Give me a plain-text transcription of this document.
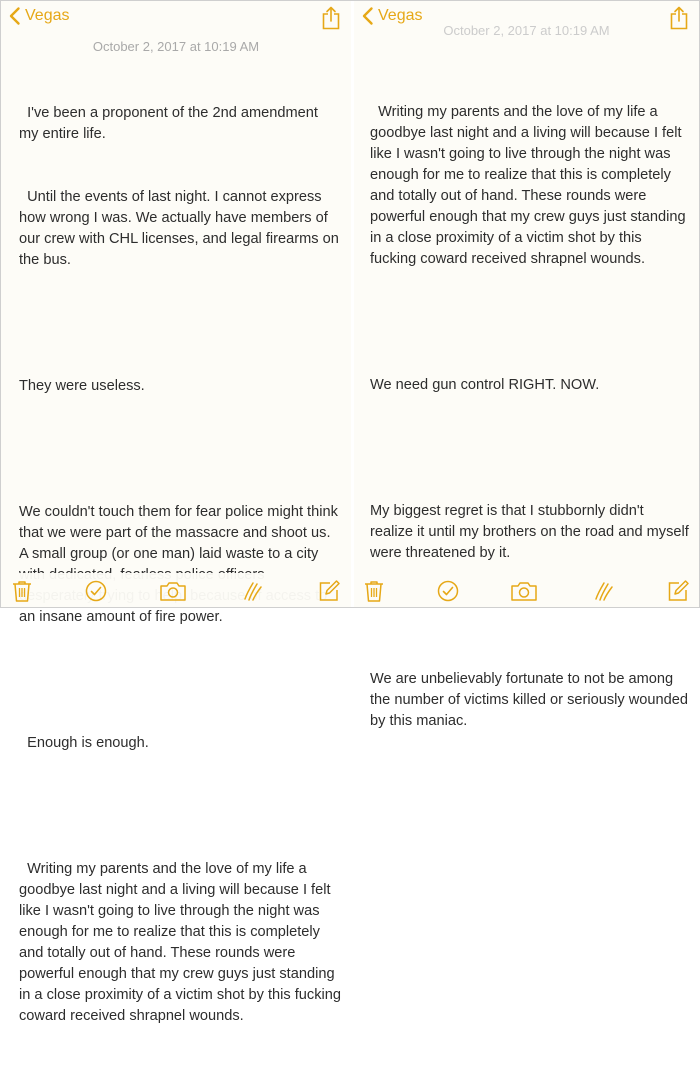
Vegas
October 2, 2017 at 10:19 AM

I've been a proponent of the 2nd amendment my entire life.

Until the events of last night. I cannot express how wrong I was. We actually have members of our crew with CHL licenses, and legal firearms on the bus.

They were useless.

We couldn't touch them for fear police might think that we were part of the massacre and shoot us. A small group (or one man) laid waste to a city              an insane amount of fire power.

Enough is enough.

Writing my parents and the love of my life a goodbye last night and a living will because I felt like I wasn't going to live through the night was enough for me to realize that this is completely and totally out of hand. These rounds were powerful enough that my crew guys just standing in a close proximity of a victim shot by this fucking coward received shrapnel wounds.

Vegas
October 2, 2017 at 10:19 AM

Writing my parents and the love of my life a goodbye last night and a living will because I felt like I wasn't going to live through the night was enough for me to realize that this is completely and totally out of hand. These rounds were powerful enough that my crew guys just standing in a close proximity of a victim shot by this fucking coward received shrapnel wounds.

We need gun control RIGHT. NOW.

My biggest regret is that I stubbornly didn't realize it until my brothers on the road and myself were threatened by it.

We are unbelievably fortunate to not be among the number of victims killed or seriously wounded by this maniac.
